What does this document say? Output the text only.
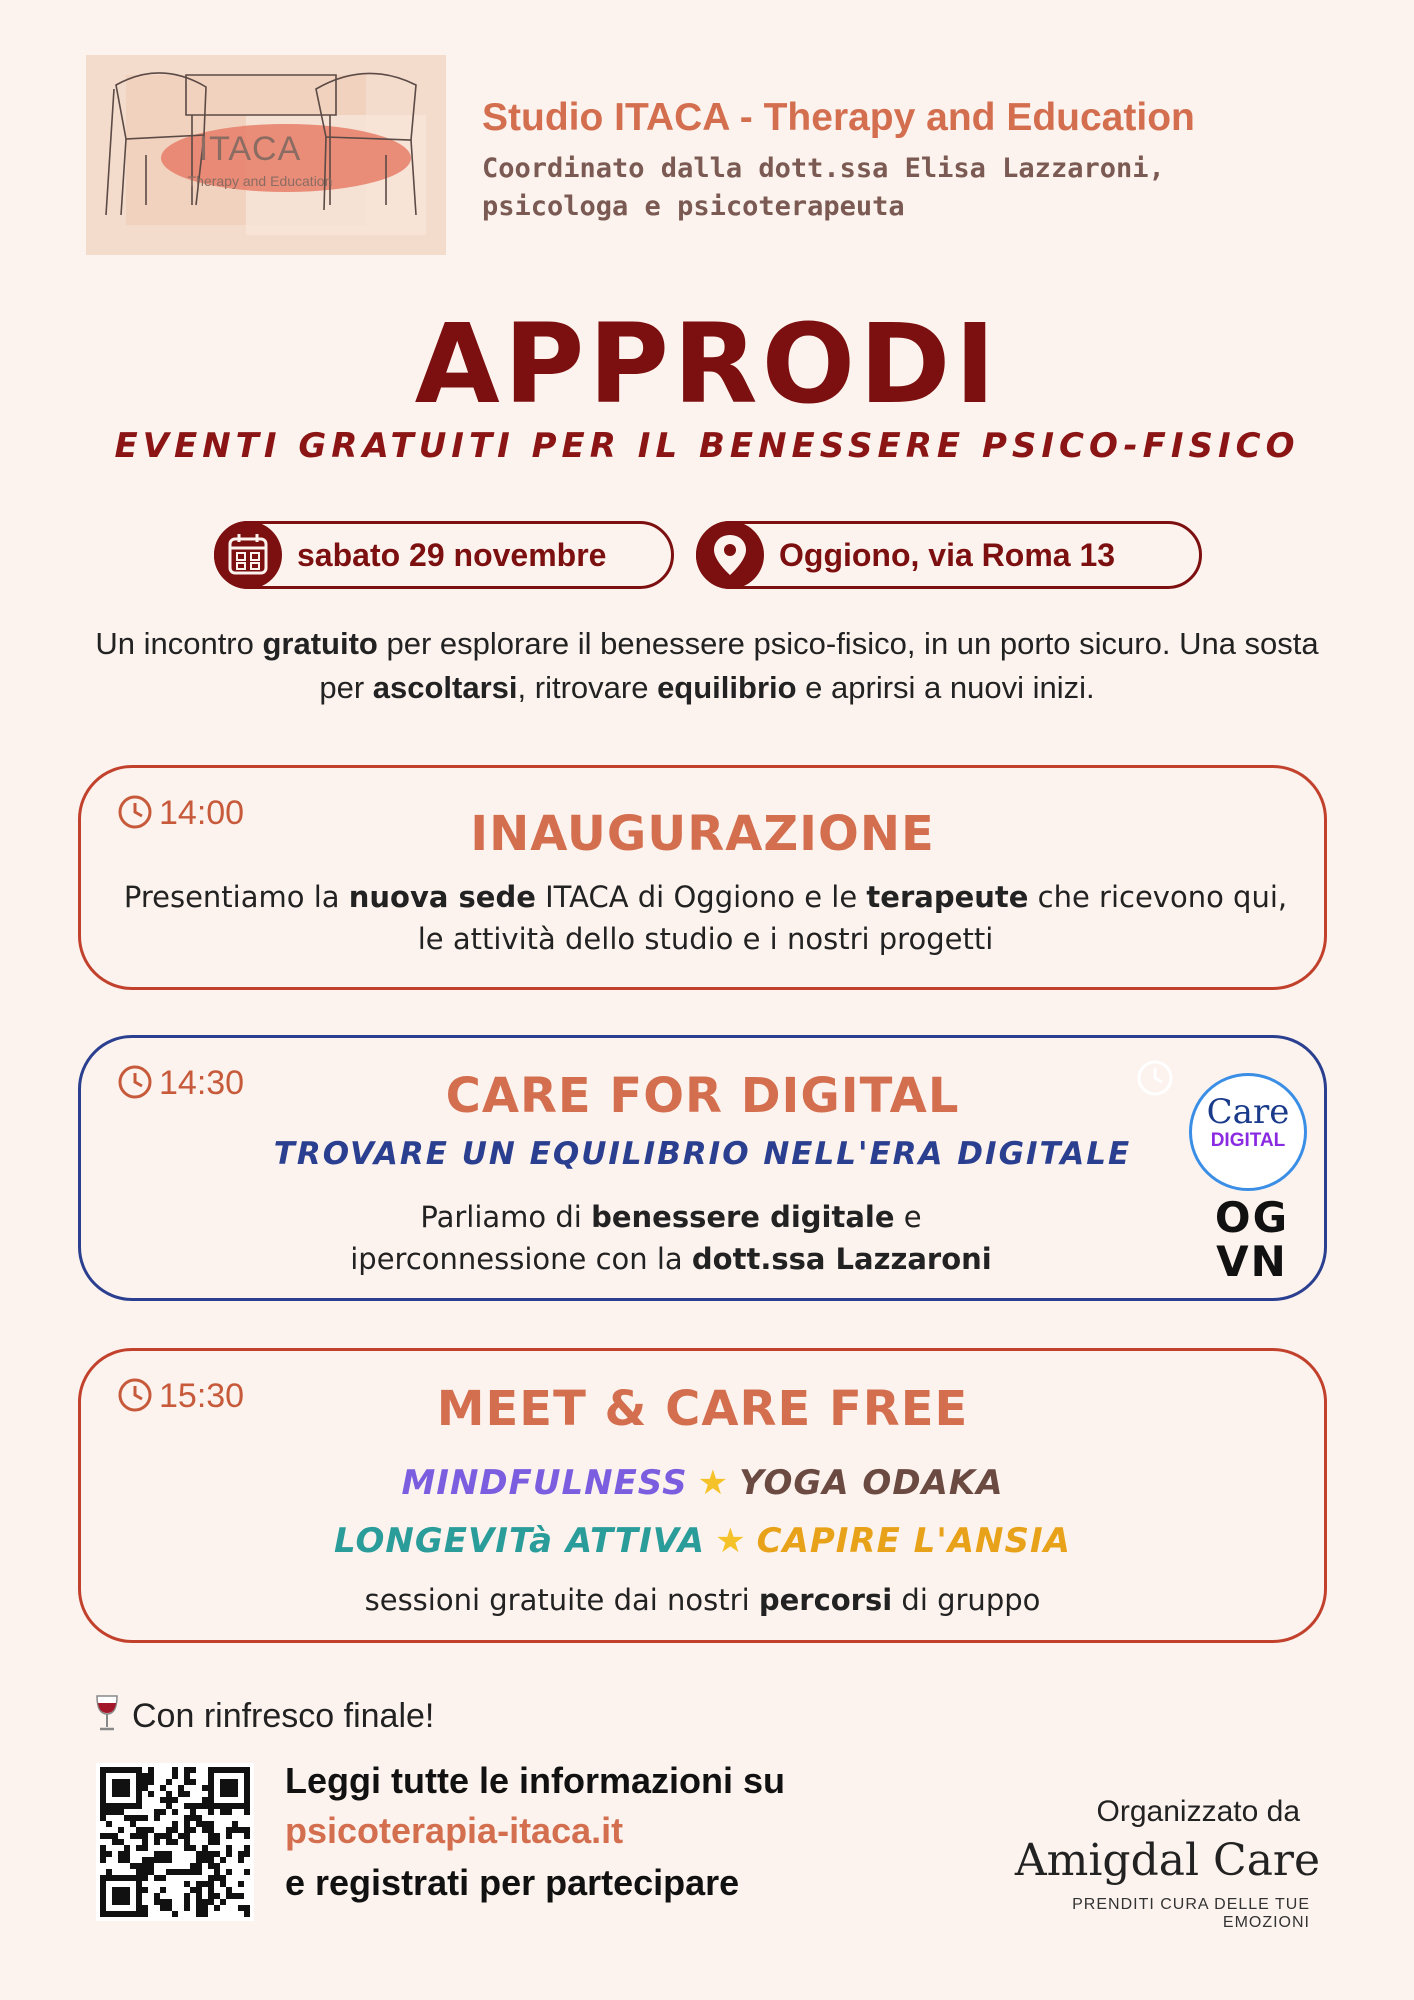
ITACA
Therapy and Education
Studio ITACA - Therapy and Education
Coordinato dalla dott.ssa Elisa Lazzaroni, psicologa e psicoterapeuta
APPRODI
EVENTI GRATUITI PER IL BENESSERE PSICO-FISICO
sabato 29 novembre	Oggiono, via Roma 13
Un incontro gratuito per esplorare il benessere psico-fisico, in un porto sicuro. Una sosta per ascoltarsi, ritrovare equilibrio e aprirsi a nuovi inizi.
14:00	INAUGURAZIONE
Presentiamo la nuova sede ITACA di Oggiono e le terapeute che ricevono qui, le attività dello studio e i nostri progetti
14:30	CARE FOR DIGITAL
TROVARE UN EQUILIBRIO NELL'ERA DIGITALE
Parliamo di benessere digitale e iperconnessione con la dott.ssa Lazzaroni
Care
DIGITAL
OG
VN
15:30	MEET & CARE FREE
MINDFULNESS ★ YOGA ODAKA
LONGEVITà ATTIVA ★ CAPIRE L'ANSIA
sessioni gratuite dai nostri percorsi di gruppo
Con rinfresco finale!
Leggi tutte le informazioni su
psicoterapia-itaca.it
e registrati per partecipare
Organizzato da
Amigdal Care
PRENDITI CURA DELLE TUE EMOZIONI
